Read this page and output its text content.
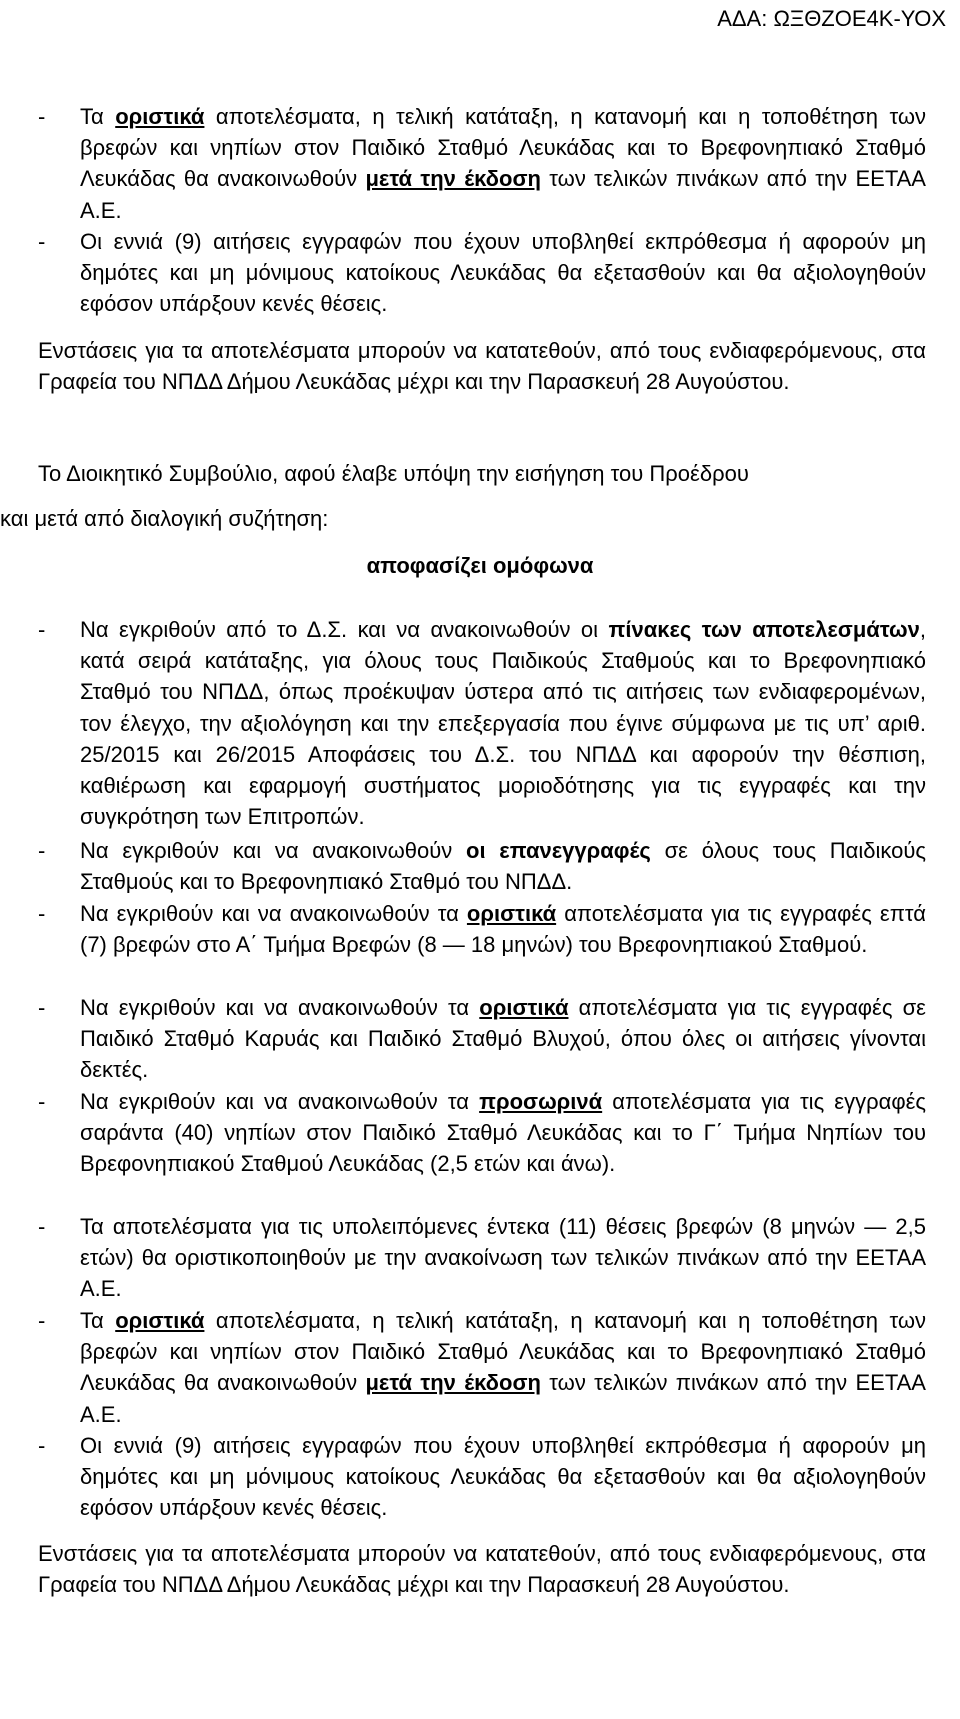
ΑΔΑ: ΩΞΘΖΟΕ4Κ-ΥΟΧ
- Τα οριστικά αποτελέσματα, η τελική κατάταξη, η κατανομή και η τοποθέτηση των βρεφών και νηπίων στον Παιδικό Σταθμό Λευκάδας και το Βρεφονηπιακό Σταθμό Λευκάδας θα ανακοινωθούν μετά την έκδοση των τελικών πινάκων από την ΕΕΤΑΑ Α.Ε.
- Οι εννιά (9) αιτήσεις εγγραφών που έχουν υποβληθεί εκπρόθεσμα ή αφορούν μη δημότες και μη μόνιμους κατοίκους Λευκάδας θα εξετασθούν και θα αξιολογηθούν εφόσον υπάρξουν κενές θέσεις.
Ενστάσεις για τα αποτελέσματα μπορούν να κατατεθούν, από τους ενδιαφερόμενους, στα Γραφεία του ΝΠΔΔ Δήμου Λευκάδας μέχρι και την Παρασκευή 28 Αυγούστου.
Το Διοικητικό Συμβούλιο, αφού έλαβε υπόψη την εισήγηση του Προέδρου
και μετά από διαλογική συζήτηση:
αποφασίζει ομόφωνα
- Να εγκριθούν από το Δ.Σ. και να ανακοινωθούν οι πίνακες των αποτελεσμάτων, κατά σειρά κατάταξης, για όλους τους Παιδικούς Σταθμούς και το Βρεφονηπιακό Σταθμό του ΝΠΔΔ, όπως προέκυψαν ύστερα από τις αιτήσεις των ενδιαφερομένων, τον έλεγχο, την αξιολόγηση και την επεξεργασία που έγινε σύμφωνα με τις υπ’ αριθ. 25/2015 και 26/2015 Αποφάσεις του Δ.Σ. του ΝΠΔΔ και αφορούν την θέσπιση, καθιέρωση και εφαρμογή συστήματος μοριοδότησης για τις εγγραφές και την συγκρότηση των Επιτροπών.
- Να εγκριθούν και να ανακοινωθούν οι επανεγγραφές σε όλους τους Παιδικούς Σταθμούς και το Βρεφονηπιακό Σταθμό του ΝΠΔΔ.
- Να εγκριθούν και να ανακοινωθούν τα οριστικά αποτελέσματα για τις εγγραφές επτά (7) βρεφών στο Α΄ Τμήμα Βρεφών (8 — 18 μηνών) του Βρεφονηπιακού Σταθμού.
- Να εγκριθούν και να ανακοινωθούν τα οριστικά αποτελέσματα για τις εγγραφές σε Παιδικό Σταθμό Καρυάς και Παιδικό Σταθμό Βλυχού, όπου όλες οι αιτήσεις γίνονται δεκτές.
- Να εγκριθούν και να ανακοινωθούν τα προσωρινά αποτελέσματα για τις εγγραφές σαράντα (40) νηπίων στον Παιδικό Σταθμό Λευκάδας και το Γ΄ Τμήμα Νηπίων του Βρεφονηπιακού Σταθμού Λευκάδας (2,5 ετών και άνω).
- Τα αποτελέσματα για τις υπολειπόμενες έντεκα (11) θέσεις βρεφών (8 μηνών — 2,5 ετών) θα οριστικοποιηθούν με την ανακοίνωση των τελικών πινάκων από την ΕΕΤΑΑ Α.Ε.
- Τα οριστικά αποτελέσματα, η τελική κατάταξη, η κατανομή και η τοποθέτηση των βρεφών και νηπίων στον Παιδικό Σταθμό Λευκάδας και το Βρεφονηπιακό Σταθμό Λευκάδας θα ανακοινωθούν μετά την έκδοση των τελικών πινάκων από την ΕΕΤΑΑ Α.Ε.
- Οι εννιά (9) αιτήσεις εγγραφών που έχουν υποβληθεί εκπρόθεσμα ή αφορούν μη δημότες και μη μόνιμους κατοίκους Λευκάδας θα εξετασθούν και θα αξιολογηθούν εφόσον υπάρξουν κενές θέσεις.
Ενστάσεις για τα αποτελέσματα μπορούν να κατατεθούν, από τους ενδιαφερόμενους, στα Γραφεία του ΝΠΔΔ Δήμου Λευκάδας μέχρι και την Παρασκευή 28 Αυγούστου.
